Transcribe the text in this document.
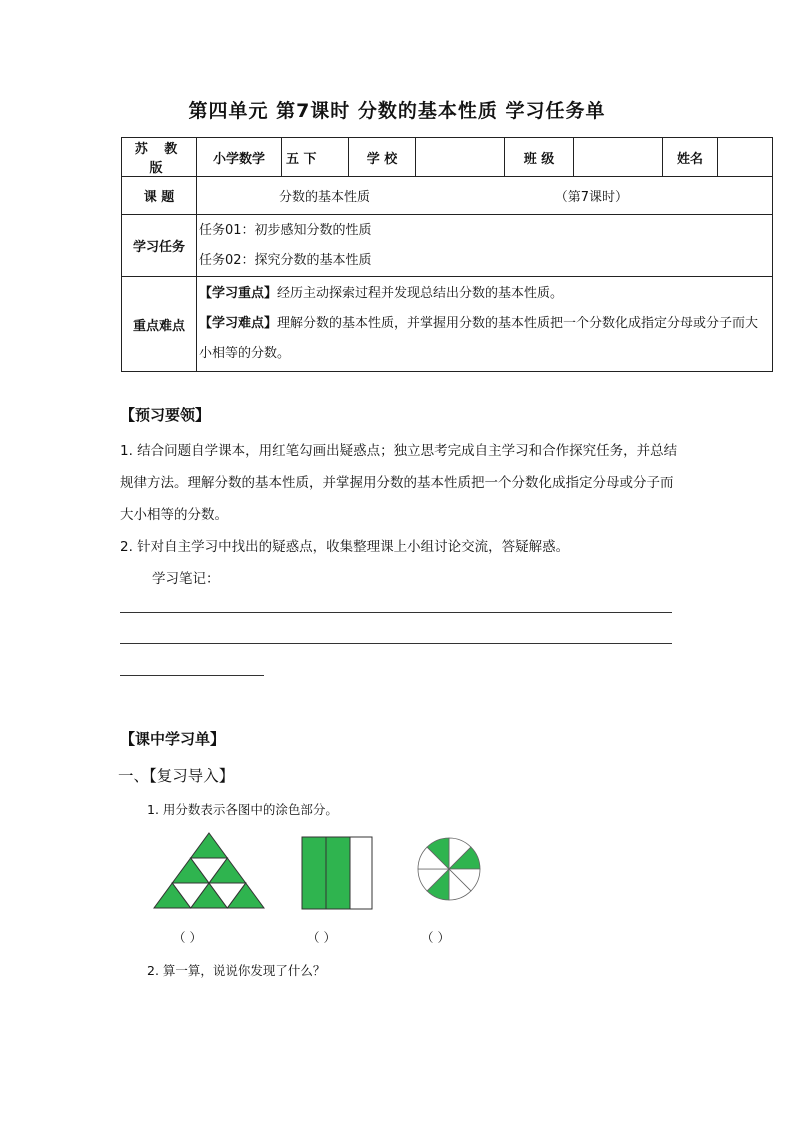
第四单元 第7课时 分数的基本性质 学习任务单
苏 教 版	小学数学	五 下	学 校		班 级		姓名	
课 题	分数的基本性质 （第7课时）							

学习任务	任务01：初步感知分数的性质
任务02：探究分数的基本性质							

重点难点	【学习重点】经历主动探索过程并发现总结出分数的基本性质。
【学习难点】理解分数的基本性质，并掌握用分数的基本性质把一个分数化成指定分母或分子而大小相等的分数。							
【预习要领】
1. 结合问题自学课本，用红笔勾画出疑惑点；独立思考完成自主学习和合作探究任务，并总结规律方法。理解分数的基本性质，并掌握用分数的基本性质把一个分数化成指定分母或分子而大小相等的分数。
2. 针对自主学习中找出的疑惑点，收集整理课上小组讨论交流，答疑解惑。
学习笔记：
【课中学习单】
一、【复习导入】
1. 用分数表示各图中的涂色部分。
（ ）	（ ）	（ ）
2. 算一算，说说你发现了什么？
